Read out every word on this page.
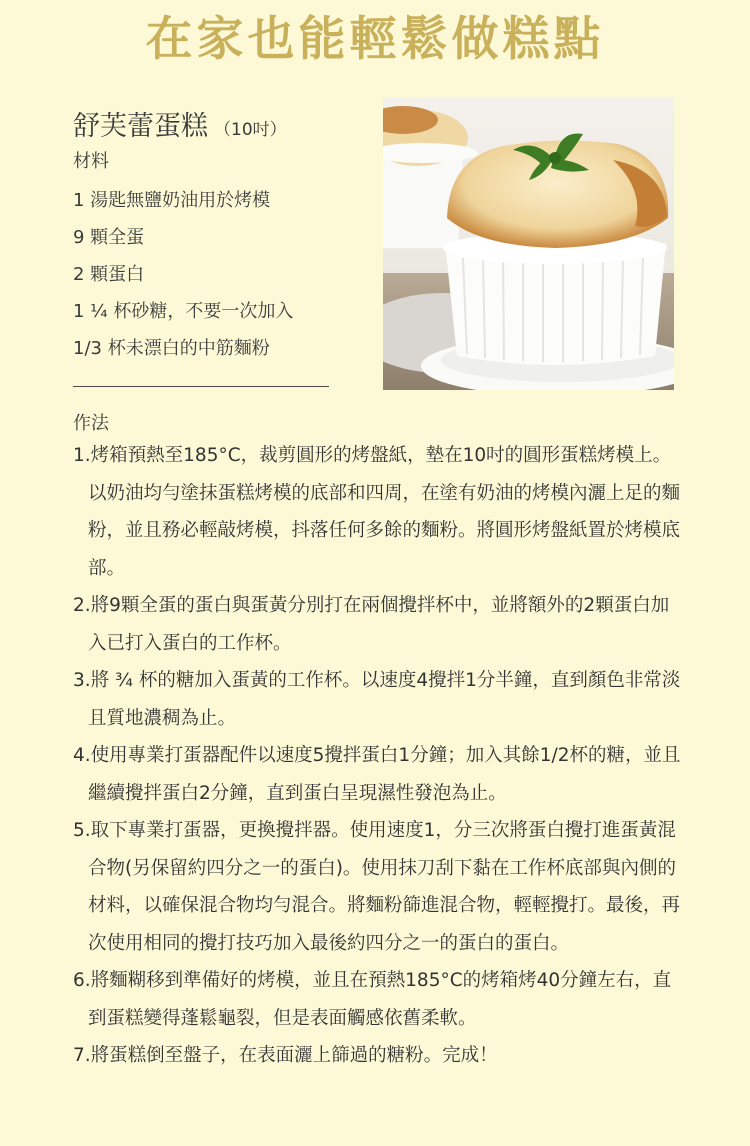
在家也能輕鬆做糕點
舒芙蕾蛋糕 （10吋）
材料
1 湯匙無鹽奶油用於烤模
9 顆全蛋
2 顆蛋白
1 ¼ 杯砂糖，不要一次加入
1/3 杯未漂白的中筋麵粉
作法
1.烤箱預熱至185°C，裁剪圓形的烤盤紙，墊在10吋的圓形蛋糕烤模上。以奶油均勻塗抹蛋糕烤模的底部和四周，在塗有奶油的烤模內灑上足的麵粉，並且務必輕敲烤模，抖落任何多餘的麵粉。將圓形烤盤紙置於烤模底部。
2.將9顆全蛋的蛋白與蛋黃分別打在兩個攪拌杯中，並將額外的2顆蛋白加入已打入蛋白的工作杯。
3.將 ¾ 杯的糖加入蛋黃的工作杯。以速度4攪拌1分半鐘，直到顏色非常淡且質地濃稠為止。
4.使用專業打蛋器配件以速度5攪拌蛋白1分鐘；加入其餘1/2杯的糖，並且繼續攪拌蛋白2分鐘，直到蛋白呈現濕性發泡為止。
5.取下專業打蛋器，更換攪拌器。使用速度1，分三次將蛋白攪打進蛋黃混合物(另保留約四分之一的蛋白)。使用抹刀刮下黏在工作杯底部與內側的材料，以確保混合物均勻混合。將麵粉篩進混合物，輕輕攪打。最後，再次使用相同的攪打技巧加入最後約四分之一的蛋白的蛋白。
6.將麵糊移到準備好的烤模，並且在預熱185°C的烤箱烤40分鐘左右，直到蛋糕變得蓬鬆龜裂，但是表面觸感依舊柔軟。
7.將蛋糕倒至盤子，在表面灑上篩過的糖粉。完成！
